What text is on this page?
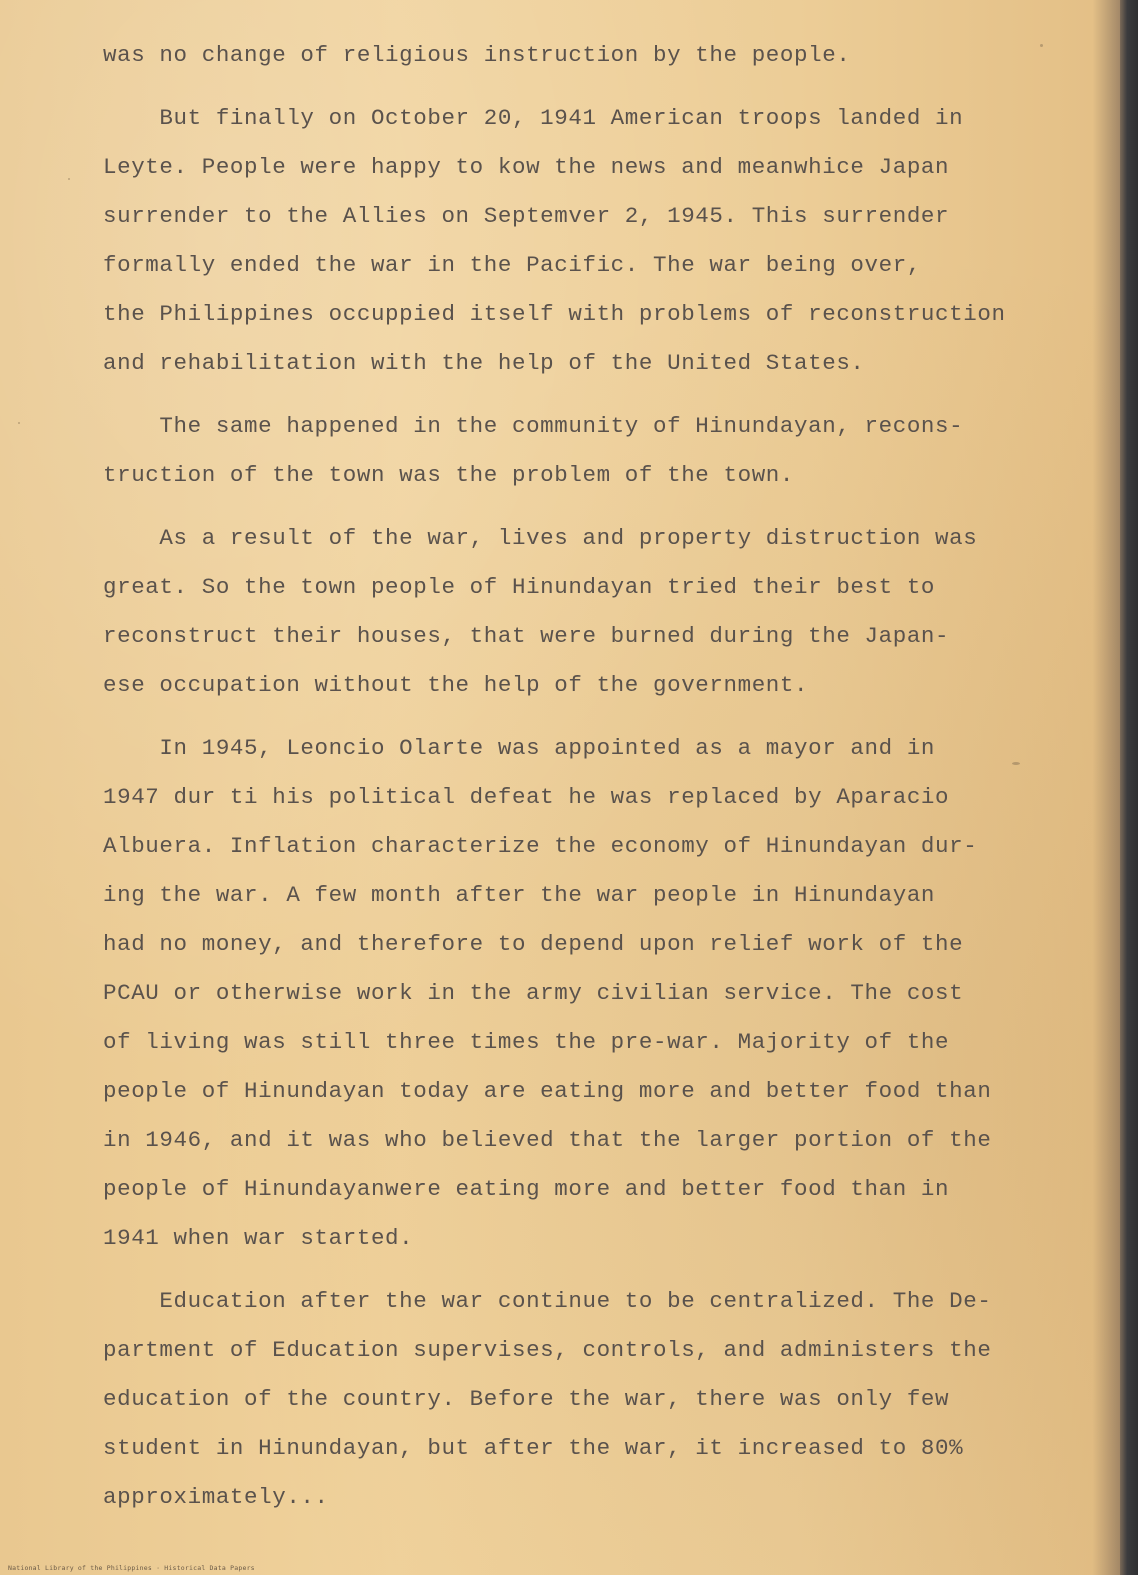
was no change of religious instruction by the people.
But finally on October 20, 1941 American troops landed in
Leyte. People were happy to kow the news and meanwhice Japan
surrender to the Allies on Septemver 2, 1945. This surrender
formally ended the war in the Pacific. The war being over,
the Philippines occuppied itself with problems of reconstruction
and rehabilitation with the help of the United States.
The same happened in the community of Hinundayan, recons-
truction of the town was the problem of the town.
As a result of the war, lives and property distruction was
great. So the town people of Hinundayan tried their best to
reconstruct their houses, that were burned during the Japan-
ese occupation without the help of the government.
In 1945, Leoncio Olarte was appointed as a mayor and in
1947 dur ti his political defeat he was replaced by Aparacio
Albuera. Inflation characterize the economy of Hinundayan dur-
ing the war. A few month after the war people in Hinundayan
had no money, and therefore to depend upon relief work of the
PCAU or otherwise work in the army civilian service. The cost
of living was still three times the pre-war. Majority of the
people of Hinundayan today are eating more and better food than
in 1946, and it was who believed that the larger portion of the
people of Hinundayanwere eating more and better food than in
1941 when war started.
Education after the war continue to be centralized. The De-
partment of Education supervises, controls, and administers the
education of the country. Before the war, there was only few
student in Hinundayan, but after the war, it increased to 80%
approximately...
National Library of the Philippines · Historical Data Papers
